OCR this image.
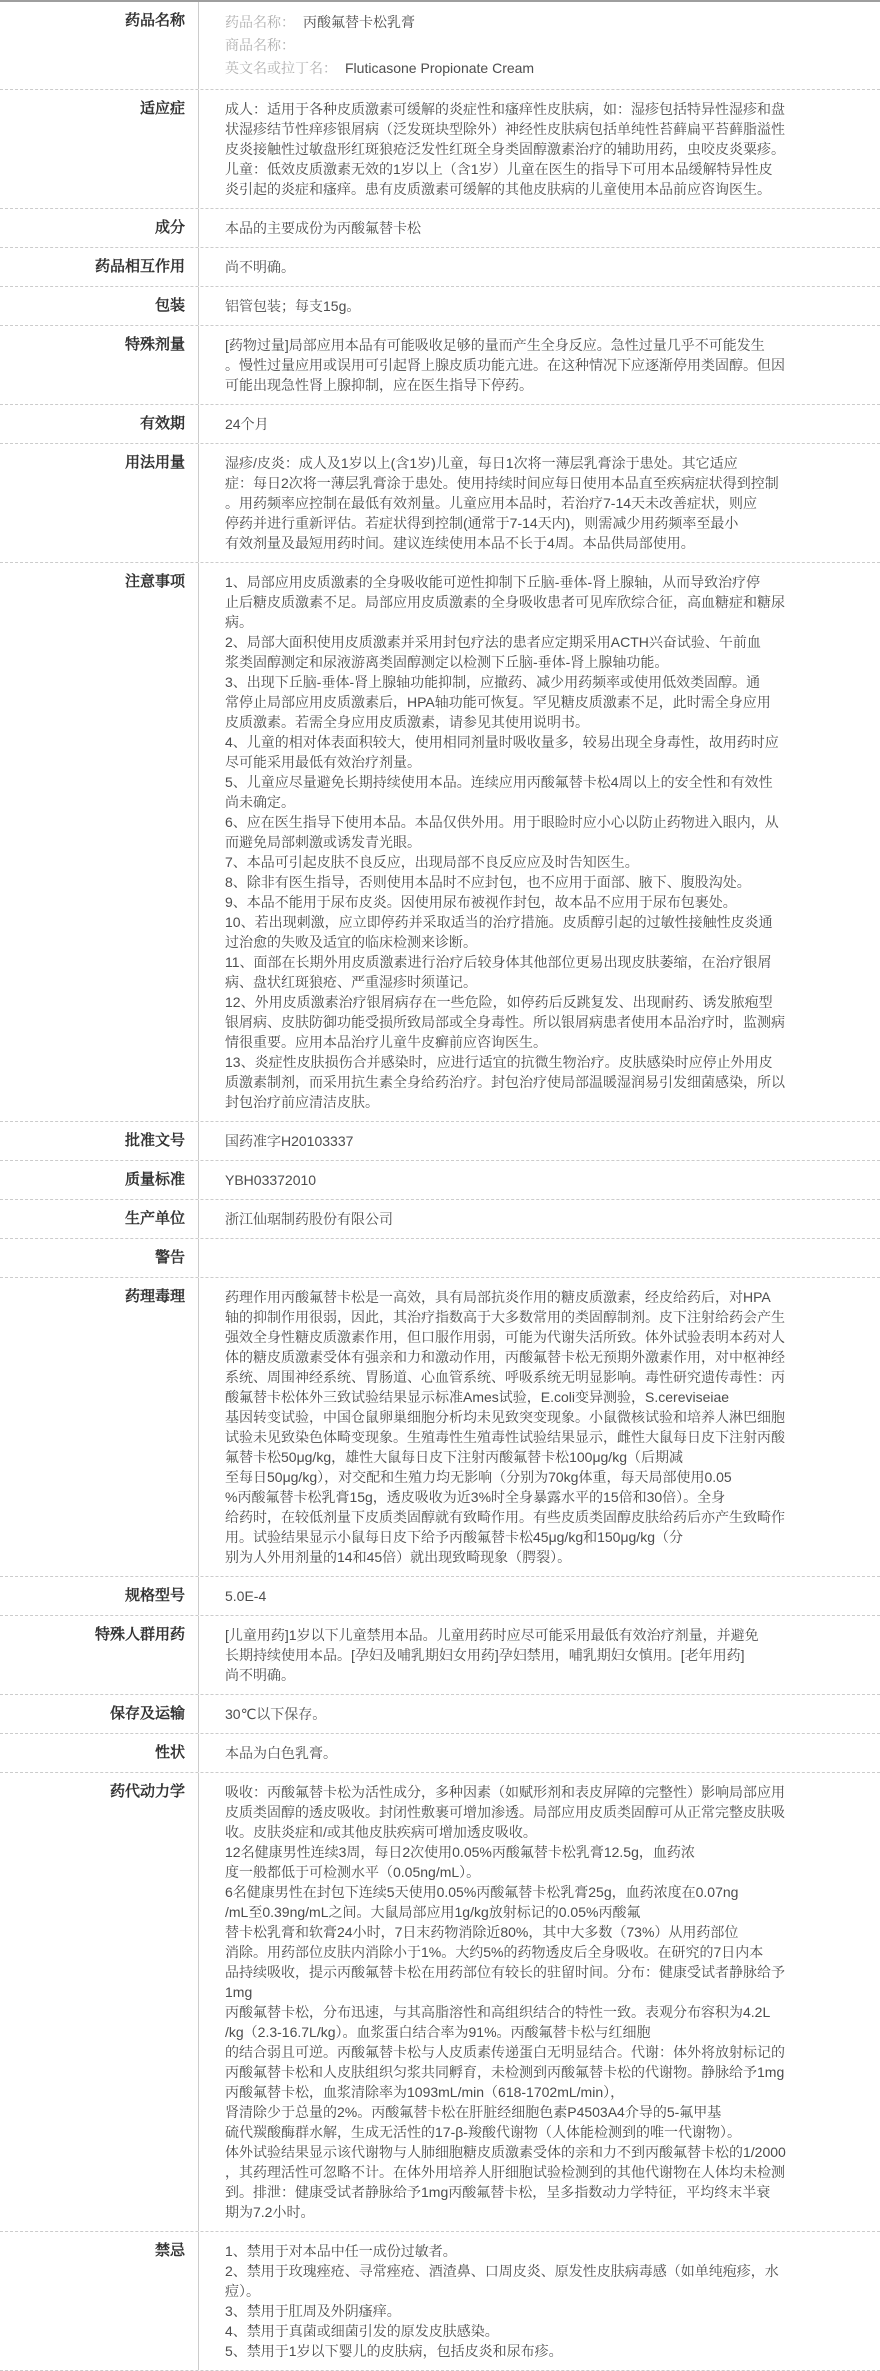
药品名称	药品名称： 丙酸氟替卡松乳膏
商品名称：
英文名或拉丁名： Fluticasone Propionate Cream
适应症	成人：适用于各种皮质激素可缓解的炎症性和瘙痒性皮肤病，如：湿疹包括特异性湿疹和盘
状湿疹结节性痒疹银屑病（泛发斑块型除外）神经性皮肤病包括单纯性苔藓扁平苔藓脂溢性
皮炎接触性过敏盘形红斑狼疮泛发性红斑全身类固醇激素治疗的辅助用药，虫咬皮炎粟疹。
儿童：低效皮质激素无效的1岁以上（含1岁）儿童在医生的指导下可用本品缓解特异性皮
炎引起的炎症和瘙痒。患有皮质激素可缓解的其他皮肤病的儿童使用本品前应咨询医生。
成分	本品的主要成份为丙酸氟替卡松
药品相互作用	尚不明确。
包装	铝管包装；每支15g。
特殊剂量	[药物过量]局部应用本品有可能吸收足够的量而产生全身反应。急性过量几乎不可能发生
。慢性过量应用或误用可引起肾上腺皮质功能亢进。在这种情况下应逐渐停用类固醇。但因
可能出现急性肾上腺抑制，应在医生指导下停药。
有效期	24个月
用法用量	湿疹/皮炎：成人及1岁以上(含1岁)儿童，每日1次将一薄层乳膏涂于患处。其它适应
症：每日2次将一薄层乳膏涂于患处。使用持续时间应每日使用本品直至疾病症状得到控制
。用药频率应控制在最低有效剂量。儿童应用本品时，若治疗7-14天未改善症状，则应
停药并进行重新评估。若症状得到控制(通常于7-14天内)，则需减少用药频率至最小
有效剂量及最短用药时间。建议连续使用本品不长于4周。本品供局部使用。
注意事项	1、局部应用皮质激素的全身吸收能可逆性抑制下丘脑-垂体-肾上腺轴，从而导致治疗停
止后糖皮质激素不足。局部应用皮质激素的全身吸收患者可见库欣综合征，高血糖症和糖尿
病。
2、局部大面积使用皮质激素并采用封包疗法的患者应定期采用ACTH兴奋试验、午前血
浆类固醇测定和尿液游离类固醇测定以检测下丘脑-垂体-肾上腺轴功能。
3、出现下丘脑-垂体-肾上腺轴功能抑制，应撤药、减少用药频率或使用低效类固醇。通
常停止局部应用皮质激素后，HPA轴功能可恢复。罕见糖皮质激素不足，此时需全身应用
皮质激素。若需全身应用皮质激素，请参见其使用说明书。
4、儿童的相对体表面积较大，使用相同剂量时吸收量多，较易出现全身毒性，故用药时应
尽可能采用最低有效治疗剂量。
5、儿童应尽量避免长期持续使用本品。连续应用丙酸氟替卡松4周以上的安全性和有效性
尚未确定。
6、应在医生指导下使用本品。本品仅供外用。用于眼睑时应小心以防止药物进入眼内，从
而避免局部刺激或诱发青光眼。
7、本品可引起皮肤不良反应，出现局部不良反应应及时告知医生。
8、除非有医生指导，否则使用本品时不应封包，也不应用于面部、腋下、腹股沟处。
9、本品不能用于尿布皮炎。因使用尿布被视作封包，故本品不应用于尿布包裹处。
10、若出现刺激，应立即停药并采取适当的治疗措施。皮质醇引起的过敏性接触性皮炎通
过治愈的失败及适宜的临床检测来诊断。
11、面部在长期外用皮质激素进行治疗后较身体其他部位更易出现皮肤萎缩，在治疗银屑
病、盘状红斑狼疮、严重湿疹时须谨记。
12、外用皮质激素治疗银屑病存在一些危险，如停药后反跳复发、出现耐药、诱发脓疱型
银屑病、皮肤防御功能受损所致局部或全身毒性。所以银屑病患者使用本品治疗时，监测病
情很重要。应用本品治疗儿童牛皮癣前应咨询医生。
13、炎症性皮肤损伤合并感染时，应进行适宜的抗微生物治疗。皮肤感染时应停止外用皮
质激素制剂，而采用抗生素全身给药治疗。封包治疗使局部温暖湿润易引发细菌感染，所以
封包治疗前应清洁皮肤。
批准文号	国药准字H20103337
质量标准	YBH03372010
生产单位	浙江仙琚制药股份有限公司
警告
药理毒理	药理作用丙酸氟替卡松是一高效，具有局部抗炎作用的糖皮质激素，经皮给药后，对HPA
轴的抑制作用很弱，因此，其治疗指数高于大多数常用的类固醇制剂。皮下注射给药会产生
强效全身性糖皮质激素作用，但口服作用弱，可能为代谢失活所致。体外试验表明本药对人
体的糖皮质激素受体有强亲和力和激动作用，丙酸氟替卡松无预期外激素作用，对中枢神经
系统、周围神经系统、胃肠道、心血管系统、呼吸系统无明显影响。毒性研究遗传毒性：丙
酸氟替卡松体外三致试验结果显示标准Ames试验，E.coli变异测验，S.cereviseiae
基因转变试验，中国仓鼠卵巢细胞分析均未见致突变现象。小鼠微核试验和培养人淋巴细胞
试验未见致染色体畸变现象。生殖毒性生殖毒性试验结果显示，雌性大鼠每日皮下注射丙酸
氟替卡松50μg/kg，雄性大鼠每日皮下注射丙酸氟替卡松100μg/kg（后期减
至每日50μg/kg），对交配和生殖力均无影响（分别为70kg体重，每天局部使用0.05
%丙酸氟替卡松乳膏15g，透皮吸收为近3%时全身暴露水平的15倍和30倍）。全身
给药时，在较低剂量下皮质类固醇就有致畸作用。有些皮质类固醇皮肤给药后亦产生致畸作
用。试验结果显示小鼠每日皮下给予丙酸氟替卡松45μg/kg和150μg/kg（分
别为人外用剂量的14和45倍）就出现致畸现象（腭裂）。
规格型号	5.0E-4
特殊人群用药	[儿童用药]1岁以下儿童禁用本品。儿童用药时应尽可能采用最低有效治疗剂量，并避免
长期持续使用本品。[孕妇及哺乳期妇女用药]孕妇禁用，哺乳期妇女慎用。[老年用药]
尚不明确。
保存及运输	30℃以下保存。
性状	本品为白色乳膏。
药代动力学	吸收：丙酸氟替卡松为活性成分，多种因素（如赋形剂和表皮屏障的完整性）影响局部应用
皮质类固醇的透皮吸收。封闭性敷裹可增加渗透。局部应用皮质类固醇可从正常完整皮肤吸
收。皮肤炎症和/或其他皮肤疾病可增加透皮吸收。
12名健康男性连续3周，每日2次使用0.05%丙酸氟替卡松乳膏12.5g，血药浓
度一般都低于可检测水平（0.05ng/mL）。
6名健康男性在封包下连续5天使用0.05%丙酸氟替卡松乳膏25g，血药浓度在0.07ng
/mL至0.39ng/mL之间。大鼠局部应用1g/kg放射标记的0.05%丙酸氟
替卡松乳膏和软膏24小时，7日末药物消除近80%，其中大多数（73%）从用药部位
消除。用药部位皮肤内消除小于1%。大约5%的药物透皮后全身吸收。在研究的7日内本
品持续吸收，提示丙酸氟替卡松在用药部位有较长的驻留时间。分布：健康受试者静脉给予1mg
丙酸氟替卡松，分布迅速，与其高脂溶性和高组织结合的特性一致。表观分布容积为4.2L
/kg（2.3-16.7L/kg）。血浆蛋白结合率为91%。丙酸氟替卡松与红细胞
的结合弱且可逆。丙酸氟替卡松与人皮质素传递蛋白无明显结合。代谢：体外将放射标记的
丙酸氟替卡松和人皮肤组织匀浆共同孵育，未检测到丙酸氟替卡松的代谢物。静脉给予1mg
丙酸氟替卡松，血浆清除率为1093mL/min（618-1702mL/min），
肾清除少于总量的2%。丙酸氟替卡松在肝脏经细胞色素P4503A4介导的5-氟甲基
硫代羰酸酶群水解，生成无活性的17-β-羧酸代谢物（人体能检测到的唯一代谢物）。
体外试验结果显示该代谢物与人肺细胞糖皮质激素受体的亲和力不到丙酸氟替卡松的1/2000
，其药理活性可忽略不计。在体外用培养人肝细胞试验检测到的其他代谢物在人体均未检测
到。排泄：健康受试者静脉给予1mg丙酸氟替卡松，呈多指数动力学特征，平均终末半衰
期为7.2小时。
禁忌	1、禁用于对本品中任一成份过敏者。
2、禁用于玫瑰痤疮、寻常痤疮、酒渣鼻、口周皮炎、原发性皮肤病毒感（如单纯疱疹，水
痘）。
3、禁用于肛周及外阴瘙痒。
4、禁用于真菌或细菌引发的原发皮肤感染。
5、禁用于1岁以下婴儿的皮肤病，包括皮炎和尿布疹。
